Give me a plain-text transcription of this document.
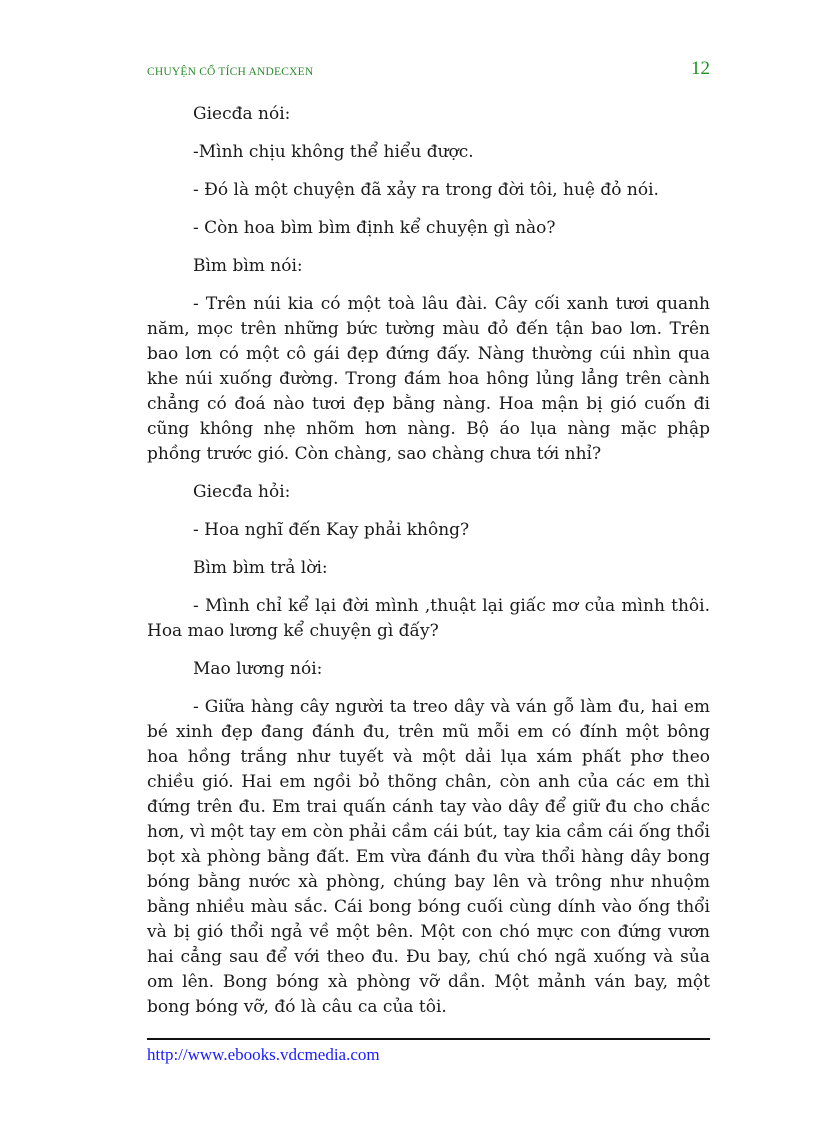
CHUYỆN CỔ TÍCH ANDECXEN	12

Giecđa nói:

-Mình chịu không thể hiểu được.

- Đó là một chuyện đã xảy ra trong đời tôi, huệ đỏ nói.

- Còn hoa bìm bìm định kể chuyện gì nào?

Bìm bìm nói:

- Trên núi kia có một toà lâu đài. Cây cối xanh tươi quanh năm, mọc trên những bức tường màu đỏ đến tận bao lơn. Trên bao lơn có một cô gái đẹp đứng đấy. Nàng thường cúi nhìn qua khe núi xuống đường. Trong đám hoa hông lủng lẳng trên cành chẳng có đoá nào tươi đẹp bằng nàng. Hoa mận bị gió cuốn đi cũng không nhẹ nhõm hơn nàng. Bộ áo lụa nàng mặc phập phồng trước gió. Còn chàng, sao chàng chưa tới nhỉ?

Giecđa hỏi:

- Hoa nghĩ đến Kay phải không?

Bìm bìm trả lời:

- Mình chỉ kể lại đời mình ,thuật lại giấc mơ của mình thôi. Hoa mao lương kể chuyện gì đấy?

Mao lương nói:

- Giữa hàng cây người ta treo dây và ván gỗ làm đu, hai em bé xinh đẹp đang đánh đu, trên mũ mỗi em có đính một bông hoa hồng trắng như tuyết và một dải lụa xám phất phơ theo chiều gió. Hai em ngồi bỏ thõng chân, còn anh của các em thì đứng trên đu. Em trai quấn cánh tay vào dây để giữ đu cho chắc hơn, vì một tay em còn phải cầm cái bút, tay kia cầm cái ống thổi bọt xà phòng bằng đất. Em vừa đánh đu vừa thổi hàng dây bong bóng bằng nước xà phòng, chúng bay lên và trông như nhuộm bằng nhiều màu sắc. Cái bong bóng cuối cùng dính vào ống thổi và bị gió thổi ngả về một bên. Một con chó mực con đứng vươn hai cẳng sau để với theo đu. Đu bay, chú chó ngã xuống và sủa om lên. Bong bóng xà phòng vỡ dần. Một mảnh ván bay, một bong bóng vỡ, đó là câu ca của tôi.

http://www.ebooks.vdcmedia.com
